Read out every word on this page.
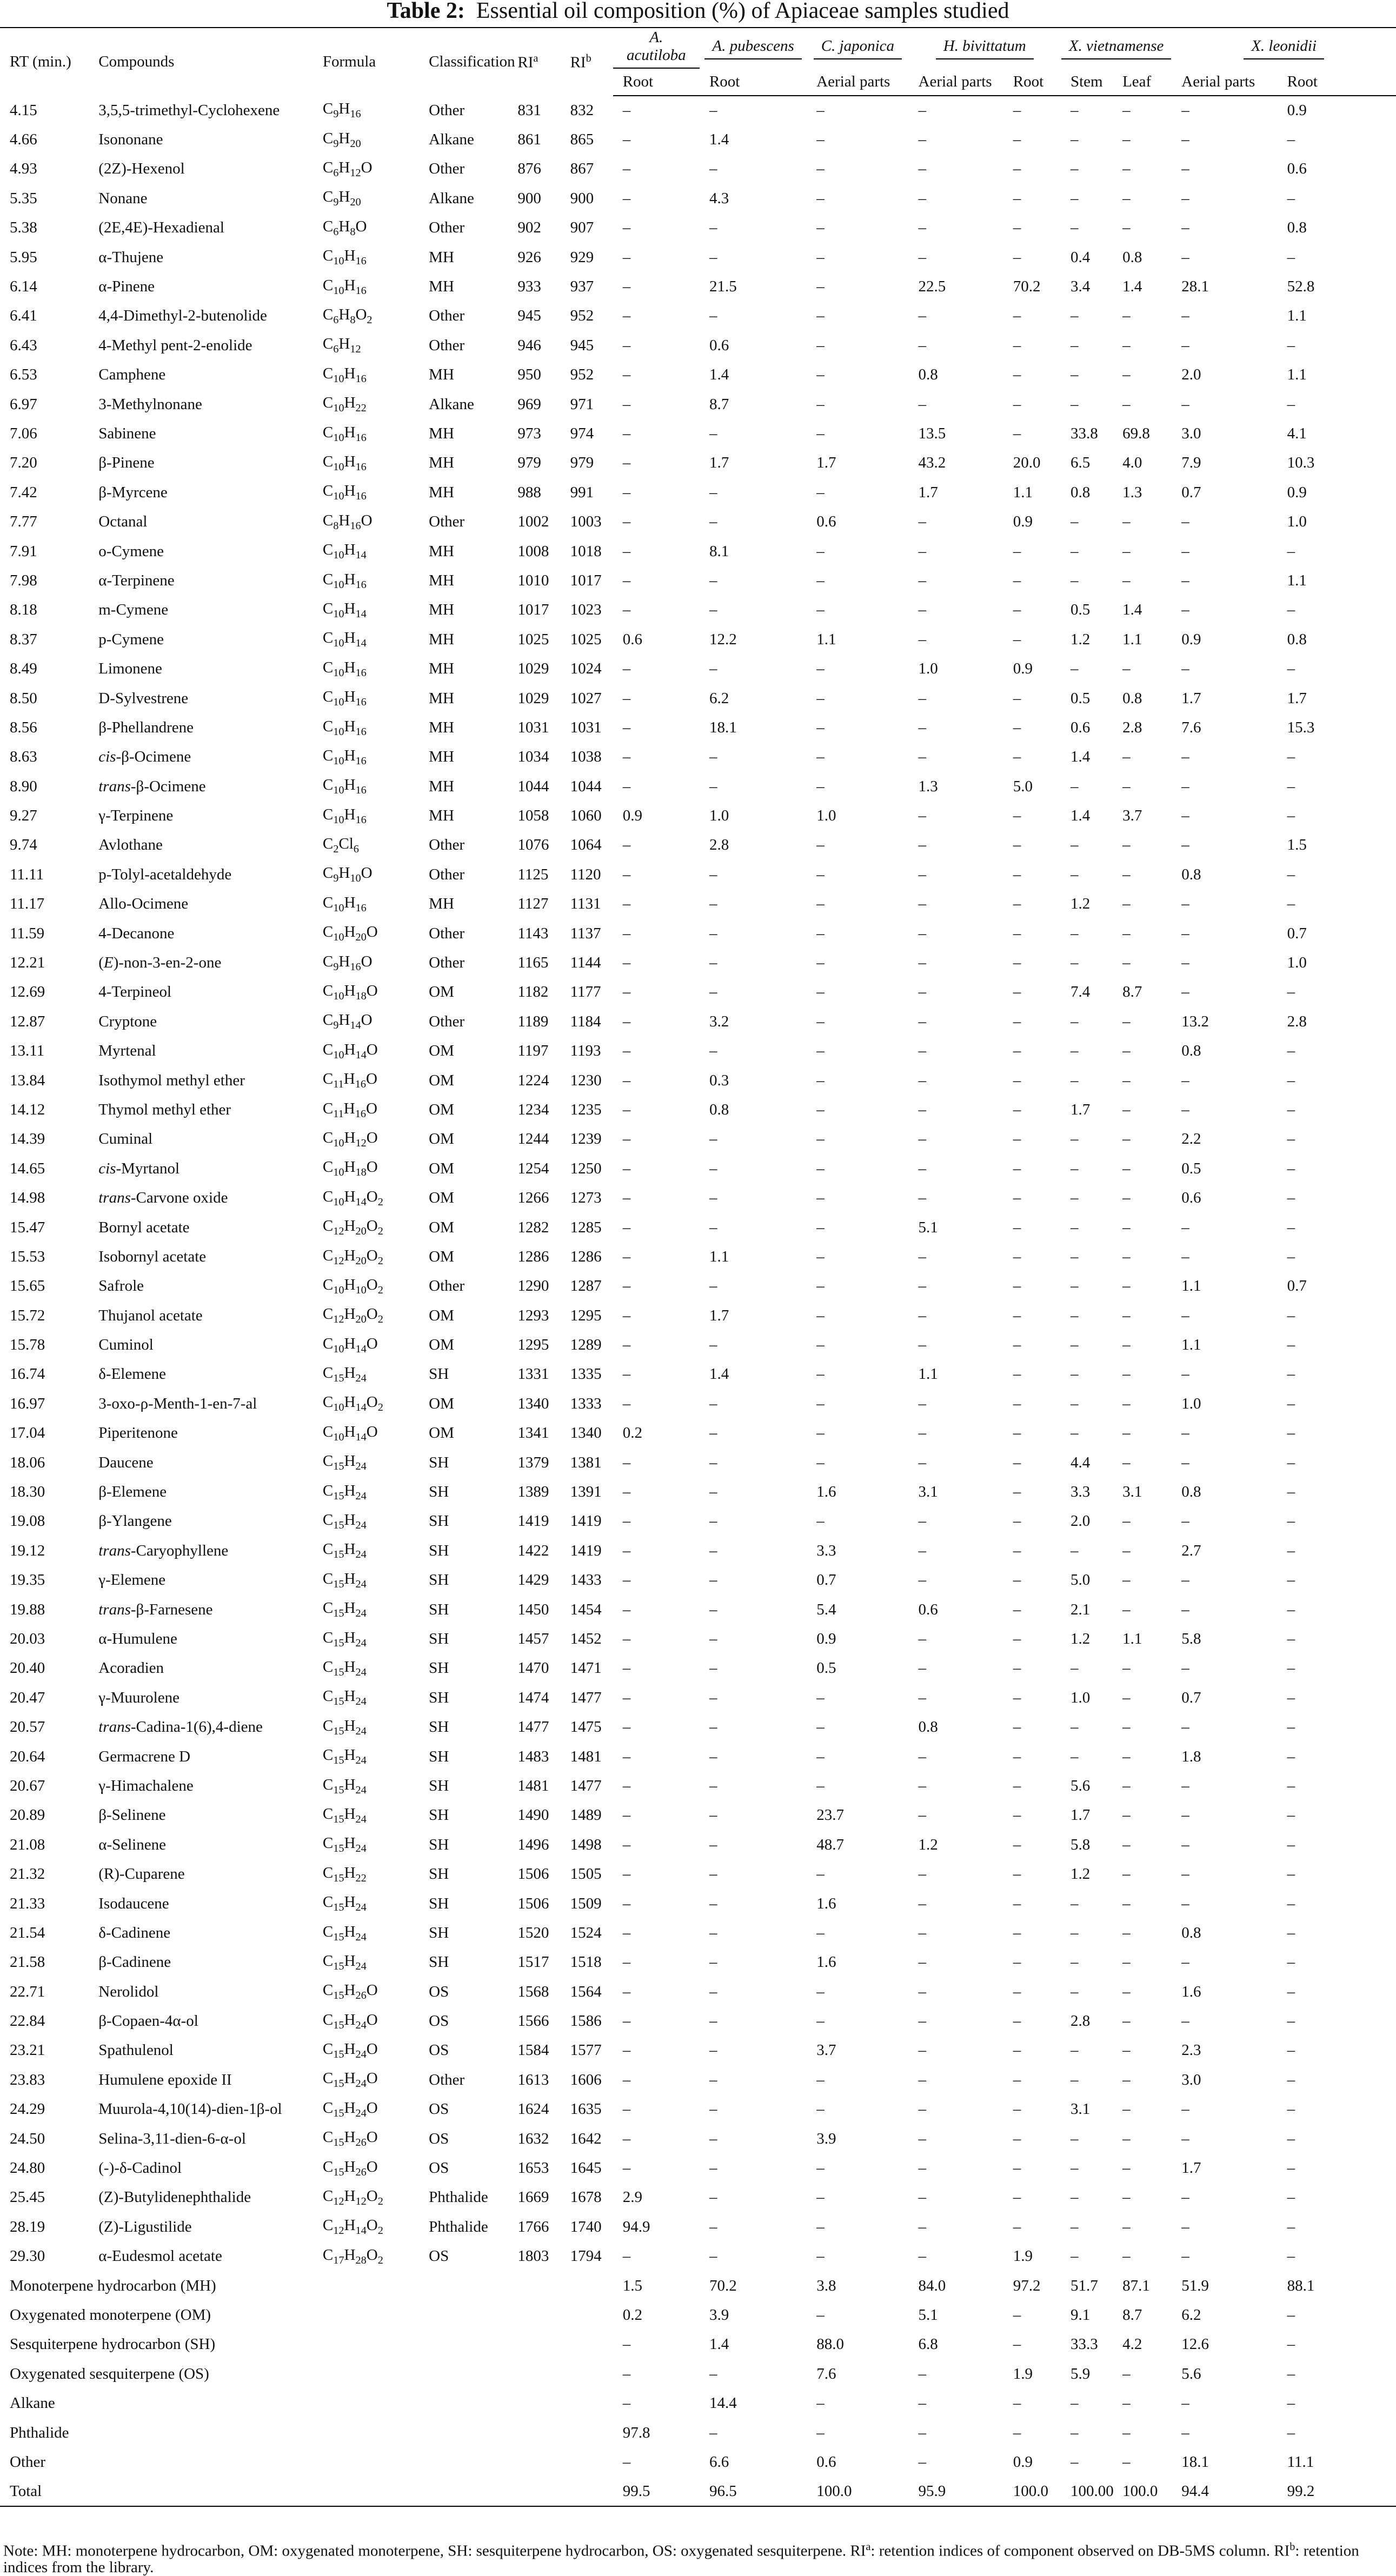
Table 2: Essential oil composition (%) of Apiaceae samples studied
RT (min.)	Compounds	Formula	Classification	$RI^a$	$RI^b$	A. acutiloba	A. pubescens	C. japonica	H. bivittatum		X. vietnamense		X. leonidii	
						Root	Root	Aerial parts	Aerial parts	Root	Stem	Leaf	Aerial parts	Root
4.15	3,5,5-trimethyl-Cyclohexene	$C_9H_{16}$	Other	831	832	–	–	–	–	–	–	–	–	0.9
4.66	Isononane	$C_9H_{20}$	Alkane	861	865	–	1.4	–	–	–	–	–	–	–
4.93	(2Z)-Hexenol	$C_6H_{12}O$	Other	876	867	–	–	–	–	–	–	–	–	0.6
5.35	Nonane	$C_9H_{20}$	Alkane	900	900	–	4.3	–	–	–	–	–	–	–
5.38	(2E,4E)-Hexadienal	$C_6H_8O$	Other	902	907	–	–	–	–	–	–	–	–	0.8
5.95	α-Thujene	$C_{10}H_{16}$	MH	926	929	–	–	–	–	–	0.4	0.8	–	–
6.14	α-Pinene	$C_{10}H_{16}$	MH	933	937	–	21.5	–	22.5	70.2	3.4	1.4	28.1	52.8
6.41	4,4-Dimethyl-2-butenolide	$C_6H_8O_2$	Other	945	952	–	–	–	–	–	–	–	–	1.1
6.43	4-Methyl pent-2-enolide	$C_6H_{12}$	Other	946	945	–	0.6	–	–	–	–	–	–	–
6.53	Camphene	$C_{10}H_{16}$	MH	950	952	–	1.4	–	0.8	–	–	–	2.0	1.1
6.97	3-Methylnonane	$C_{10}H_{22}$	Alkane	969	971	–	8.7	–	–	–	–	–	–	–
7.06	Sabinene	$C_{10}H_{16}$	MH	973	974	–	–	–	13.5	–	33.8	69.8	3.0	4.1
7.20	β-Pinene	$C_{10}H_{16}$	MH	979	979	–	1.7	1.7	43.2	20.0	6.5	4.0	7.9	10.3
7.42	β-Myrcene	$C_{10}H_{16}$	MH	988	991	–	–	–	1.7	1.1	0.8	1.3	0.7	0.9
7.77	Octanal	$C_8H_{16}O$	Other	1002	1003	–	–	0.6	–	0.9	–	–	–	1.0
7.91	o-Cymene	$C_{10}H_{14}$	MH	1008	1018	–	8.1	–	–	–	–	–	–	–
7.98	α-Terpinene	$C_{10}H_{16}$	MH	1010	1017	–	–	–	–	–	–	–	–	1.1
8.18	m-Cymene	$C_{10}H_{14}$	MH	1017	1023	–	–	–	–	–	0.5	1.4	–	–
8.37	p-Cymene	$C_{10}H_{14}$	MH	1025	1025	0.6	12.2	1.1	–	–	1.2	1.1	0.9	0.8
8.49	Limonene	$C_{10}H_{16}$	MH	1029	1024	–	–	–	1.0	0.9	–	–	–	–
8.50	D-Sylvestrene	$C_{10}H_{16}$	MH	1029	1027	–	6.2	–	–	–	0.5	0.8	1.7	1.7
8.56	β-Phellandrene	$C_{10}H_{16}$	MH	1031	1031	–	18.1	–	–	–	0.6	2.8	7.6	15.3
8.63	cis-β-Ocimene	$C_{10}H_{16}$	MH	1034	1038	–	–	–	–	–	1.4	–	–	–
8.90	trans-β-Ocimene	$C_{10}H_{16}$	MH	1044	1044	–	–	–	1.3	5.0	–	–	–	–
9.27	γ-Terpinene	$C_{10}H_{16}$	MH	1058	1060	0.9	1.0	1.0	–	–	1.4	3.7	–	–
9.74	Avlothane	$C_2Cl_6$	Other	1076	1064	–	2.8	–	–	–	–	–	–	1.5
11.11	p-Tolyl-acetaldehyde	$C_9H_{10}O$	Other	1125	1120	–	–	–	–	–	–	–	0.8	–
11.17	Allo-Ocimene	$C_{10}H_{16}$	MH	1127	1131	–	–	–	–	–	1.2	–	–	–
11.59	4-Decanone	$C_{10}H_{20}O$	Other	1143	1137	–	–	–	–	–	–	–	–	0.7
12.21	(E)-non-3-en-2-one	$C_9H_{16}O$	Other	1165	1144	–	–	–	–	–	–	–	–	1.0
12.69	4-Terpineol	$C_{10}H_{18}O$	OM	1182	1177	–	–	–	–	–	7.4	8.7	–	–
12.87	Cryptone	$C_9H_{14}O$	Other	1189	1184	–	3.2	–	–	–	–	–	13.2	2.8
13.11	Myrtenal	$C_{10}H_{14}O$	OM	1197	1193	–	–	–	–	–	–	–	0.8	–
13.84	Isothymol methyl ether	$C_{11}H_{16}O$	OM	1224	1230	–	0.3	–	–	–	–	–	–	–
14.12	Thymol methyl ether	$C_{11}H_{16}O$	OM	1234	1235	–	0.8	–	–	–	1.7	–	–	–
14.39	Cuminal	$C_{10}H_{12}O$	OM	1244	1239	–	–	–	–	–	–	–	2.2	–
14.65	cis-Myrtanol	$C_{10}H_{18}O$	OM	1254	1250	–	–	–	–	–	–	–	0.5	–
14.98	trans-Carvone oxide	$C_{10}H_{14}O_2$	OM	1266	1273	–	–	–	–	–	–	–	0.6	–
15.47	Bornyl acetate	$C_{12}H_{20}O_2$	OM	1282	1285	–	–	–	5.1	–	–	–	–	–
15.53	Isobornyl acetate	$C_{12}H_{20}O_2$	OM	1286	1286	–	1.1	–	–	–	–	–	–	–
15.65	Safrole	$C_{10}H_{10}O_2$	Other	1290	1287	–	–	–	–	–	–	–	1.1	0.7
15.72	Thujanol acetate	$C_{12}H_{20}O_2$	OM	1293	1295	–	1.7	–	–	–	–	–	–	–
15.78	Cuminol	$C_{10}H_{14}O$	OM	1295	1289	–	–	–	–	–	–	–	1.1	–
16.74	δ-Elemene	$C_{15}H_{24}$	SH	1331	1335	–	1.4	–	1.1	–	–	–	–	–
16.97	3-oxo-ρ-Menth-1-en-7-al	$C_{10}H_{14}O_2$	OM	1340	1333	–	–	–	–	–	–	–	1.0	–
17.04	Piperitenone	$C_{10}H_{14}O$	OM	1341	1340	0.2	–	–	–	–	–	–	–	–
18.06	Daucene	$C_{15}H_{24}$	SH	1379	1381	–	–	–	–	–	4.4	–	–	–
18.30	β-Elemene	$C_{15}H_{24}$	SH	1389	1391	–	–	1.6	3.1	–	3.3	3.1	0.8	–
19.08	β-Ylangene	$C_{15}H_{24}$	SH	1419	1419	–	–	–	–	–	2.0	–	–	–
19.12	trans-Caryophyllene	$C_{15}H_{24}$	SH	1422	1419	–	–	3.3	–	–	–	–	2.7	–
19.35	γ-Elemene	$C_{15}H_{24}$	SH	1429	1433	–	–	0.7	–	–	5.0	–	–	–
19.88	trans-β-Farnesene	$C_{15}H_{24}$	SH	1450	1454	–	–	5.4	0.6	–	2.1	–	–	–
20.03	α-Humulene	$C_{15}H_{24}$	SH	1457	1452	–	–	0.9	–	–	1.2	1.1	5.8	–
20.40	Acoradien	$C_{15}H_{24}$	SH	1470	1471	–	–	0.5	–	–	–	–	–	–
20.47	γ-Muurolene	$C_{15}H_{24}$	SH	1474	1477	–	–	–	–	–	1.0	–	0.7	–
20.57	trans-Cadina-1(6),4-diene	$C_{15}H_{24}$	SH	1477	1475	–	–	–	0.8	–	–	–	–	–
20.64	Germacrene D	$C_{15}H_{24}$	SH	1483	1481	–	–	–	–	–	–	–	1.8	–
20.67	γ-Himachalene	$C_{15}H_{24}$	SH	1481	1477	–	–	–	–	–	5.6	–	–	–
20.89	β-Selinene	$C_{15}H_{24}$	SH	1490	1489	–	–	23.7	–	–	1.7	–	–	–
21.08	α-Selinene	$C_{15}H_{24}$	SH	1496	1498	–	–	48.7	1.2	–	5.8	–	–	–
21.32	(R)-Cuparene	$C_{15}H_{22}$	SH	1506	1505	–	–	–	–	–	1.2	–	–	–
21.33	Isodaucene	$C_{15}H_{24}$	SH	1506	1509	–	–	1.6	–	–	–	–	–	–
21.54	δ-Cadinene	$C_{15}H_{24}$	SH	1520	1524	–	–	–	–	–	–	–	0.8	–
21.58	β-Cadinene	$C_{15}H_{24}$	SH	1517	1518	–	–	1.6	–	–	–	–	–	–
22.71	Nerolidol	$C_{15}H_{26}O$	OS	1568	1564	–	–	–	–	–	–	–	1.6	–
22.84	β-Copaen-4α-ol	$C_{15}H_{24}O$	OS	1566	1586	–	–	–	–	–	2.8	–	–	–
23.21	Spathulenol	$C_{15}H_{24}O$	OS	1584	1577	–	–	3.7	–	–	–	–	2.3	–
23.83	Humulene epoxide II	$C_{15}H_{24}O$	Other	1613	1606	–	–	–	–	–	–	–	3.0	–
24.29	Muurola-4,10(14)-dien-1β-ol	$C_{15}H_{24}O$	OS	1624	1635	–	–	–	–	–	3.1	–	–	–
24.50	Selina-3,11-dien-6-α-ol	$C_{15}H_{26}O$	OS	1632	1642	–	–	3.9	–	–	–	–	–	–
24.80	(-)-δ-Cadinol	$C_{15}H_{26}O$	OS	1653	1645	–	–	–	–	–	–	–	1.7	–
25.45	(Z)-Butylidenephthalide	$C_{12}H_{12}O_2$	Phthalide	1669	1678	2.9	–	–	–	–	–	–	–	–
28.19	(Z)-Ligustilide	$C_{12}H_{14}O_2$	Phthalide	1766	1740	94.9	–	–	–	–	–	–	–	–
29.30	α-Eudesmol acetate	$C_{17}H_{28}O_2$	OS	1803	1794	–	–	–	–	1.9	–	–	–	–
Monoterpene hydrocarbon (MH)						1.5	70.2	3.8	84.0	97.2	51.7	87.1	51.9	88.1
Oxygenated monoterpene (OM)						0.2	3.9	–	5.1	–	9.1	8.7	6.2	–
Sesquiterpene hydrocarbon (SH)						–	1.4	88.0	6.8	–	33.3	4.2	12.6	–
Oxygenated sesquiterpene (OS)						–	–	7.6	–	1.9	5.9	–	5.6	–
Alkane						–	14.4	–	–	–	–	–	–	–
Phthalide						97.8	–	–	–	–	–	–	–	–
Other						–	6.6	0.6	–	0.9	–	–	18.1	11.1
Total						99.5	96.5	100.0	95.9	100.0	100.00	100.0	94.4	99.2
Note: MH: monoterpene hydrocarbon, OM: oxygenated monoterpene, SH: sesquiterpene hydrocarbon, OS: oxygenated sesquiterpene. $RI^a$: retention indices of component observed on DB-5MS column. $RI^b$: retention indices from the library.
